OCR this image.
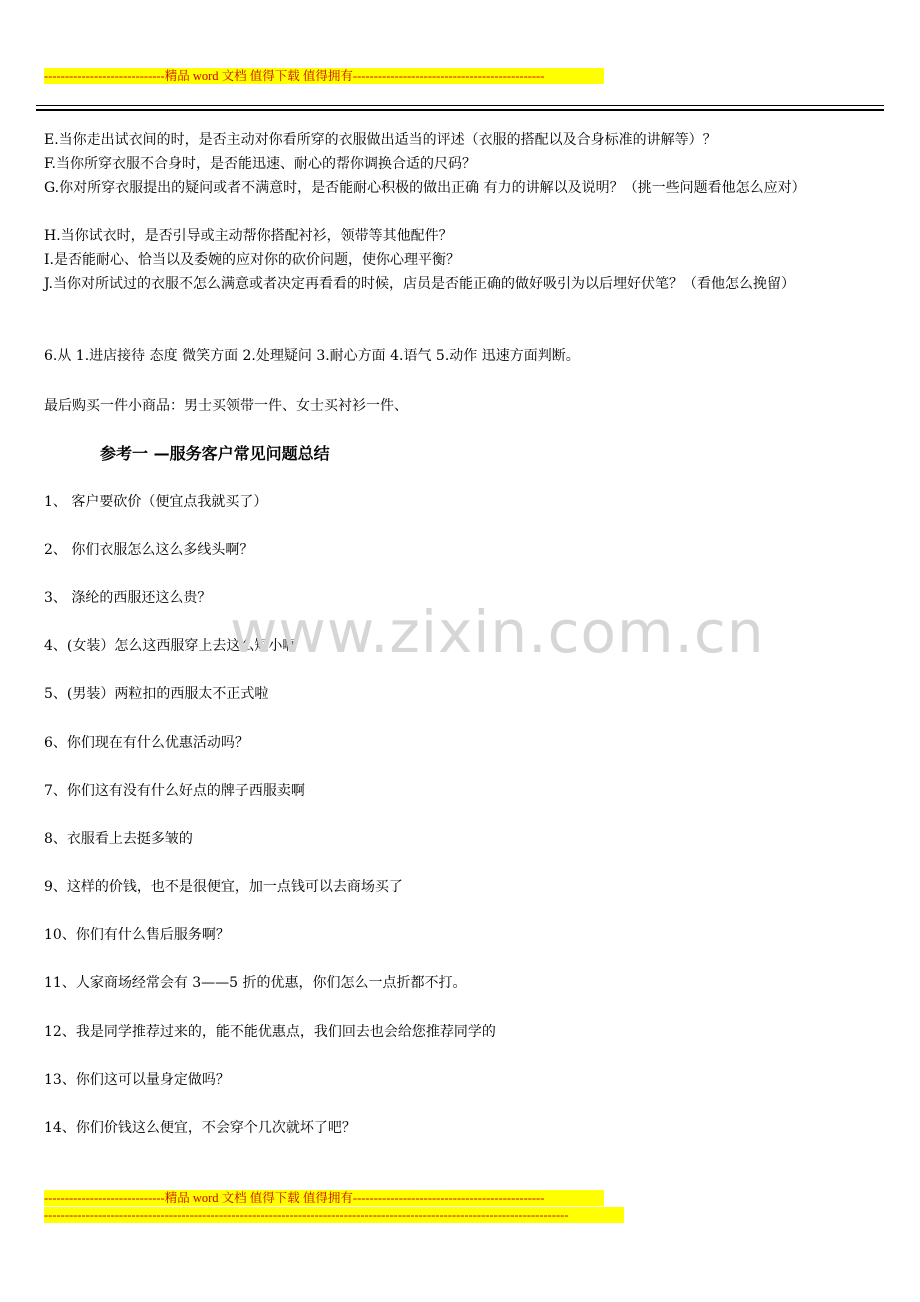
-----------------------------精品 word 文档 值得下载 值得拥有----------------------------------------------
E.当你走出试衣间的时，是否主动对你看所穿的衣服做出适当的评述（衣服的搭配以及合身标准的讲解等）？
F.当你所穿衣服不合身时，是否能迅速、耐心的帮你调换合适的尺码？
G.你对所穿衣服提出的疑问或者不满意时，是否能耐心积极的做出正确 有力的讲解以及说明？（挑一些问题看他怎么应对）
H.当你试衣时，是否引导或主动帮你搭配衬衫，领带等其他配件？
I.是否能耐心、恰当以及委婉的应对你的砍价问题，使你心理平衡？
J.当你对所试过的衣服不怎么满意或者决定再看看的时候，店员是否能正确的做好吸引为以后埋好伏笔？（看他怎么挽留）
6.从 1.进店接待 态度 微笑方面 2.处理疑问 3.耐心方面 4.语气 5.动作 迅速方面判断。
最后购买一件小商品：男士买领带一件、女士买衬衫一件、
参考一 —服务客户常见问题总结
1、 客户要砍价（便宜点我就买了）
2、 你们衣服怎么这么多线头啊？
3、 涤纶的西服还这么贵？
4、(女装）怎么这西服穿上去这么短小啊
5、(男装）两粒扣的西服太不正式啦
6、你们现在有什么优惠活动吗？
7、你们这有没有什么好点的牌子西服卖啊
8、衣服看上去挺多皱的
9、这样的价钱，也不是很便宜，加一点钱可以去商场买了
10、你们有什么售后服务啊？
11、人家商场经常会有 3——5 折的优惠，你们怎么一点折都不打。
12、我是同学推荐过来的，能不能优惠点，我们回去也会给您推荐同学的
13、你们这可以量身定做吗？
14、你们价钱这么便宜，不会穿个几次就坏了吧？
www.zixin.com.cn
-----------------------------精品 word 文档 值得下载 值得拥有----------------------------------------------
------------------------------------------------------------------------------------------------------------------------------
